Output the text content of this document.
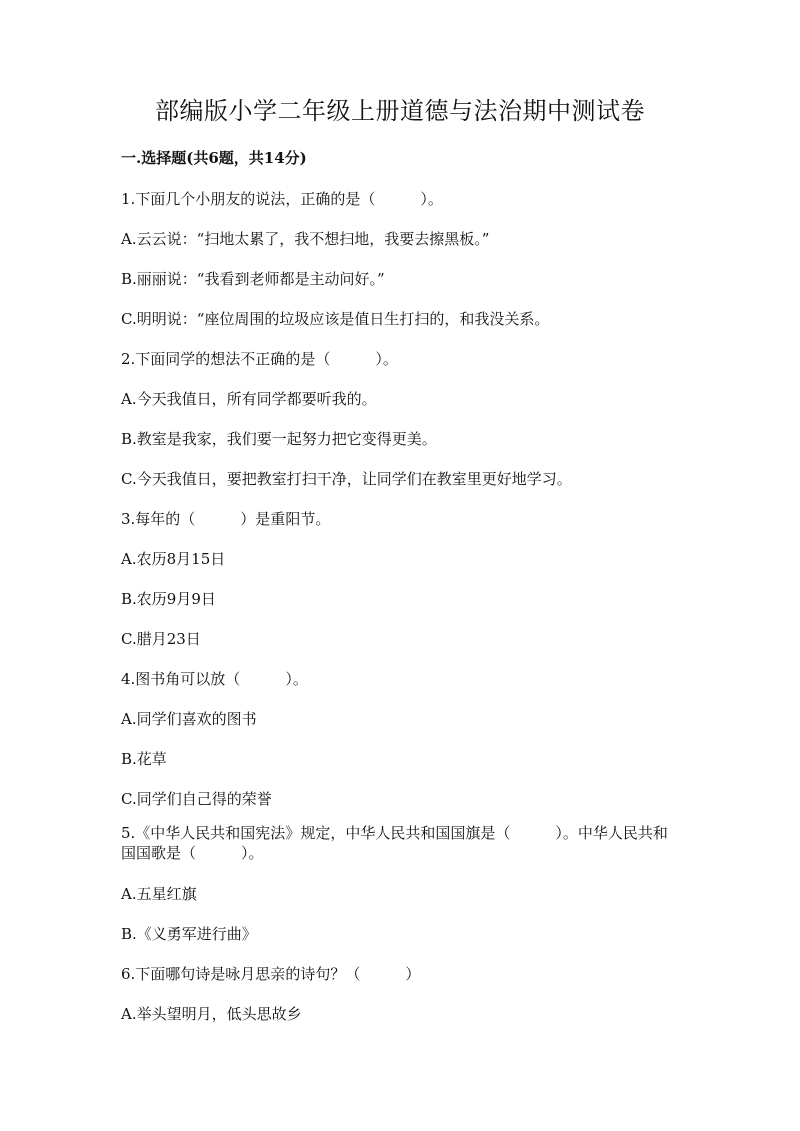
部编版小学二年级上册道德与法治期中测试卷
一.选择题(共6题，共14分)

1.下面几个小朋友的说法，正确的是（　　　）。

A.云云说：“扫地太累了，我不想扫地，我要去擦黑板。”

B.丽丽说：“我看到老师都是主动问好。”

C.明明说：“座位周围的垃圾应该是值日生打扫的，和我没关系。

2.下面同学的想法不正确的是（　　　）。

A.今天我值日，所有同学都要听我的。

B.教室是我家，我们要一起努力把它变得更美。

C.今天我值日，要把教室打扫干净，让同学们在教室里更好地学习。

3.每年的（　　　）是重阳节。

A.农历8月15日

B.农历9月9日

C.腊月23日

4.图书角可以放（　　　）。

A.同学们喜欢的图书

B.花草

C.同学们自己得的荣誉

5.《中华人民共和国宪法》规定，中华人民共和国国旗是（　　　）。中华人民共和国国歌是（　　　）。

A.五星红旗

B.《义勇军进行曲》

6.下面哪句诗是咏月思亲的诗句？（　　　）

A.举头望明月，低头思故乡
